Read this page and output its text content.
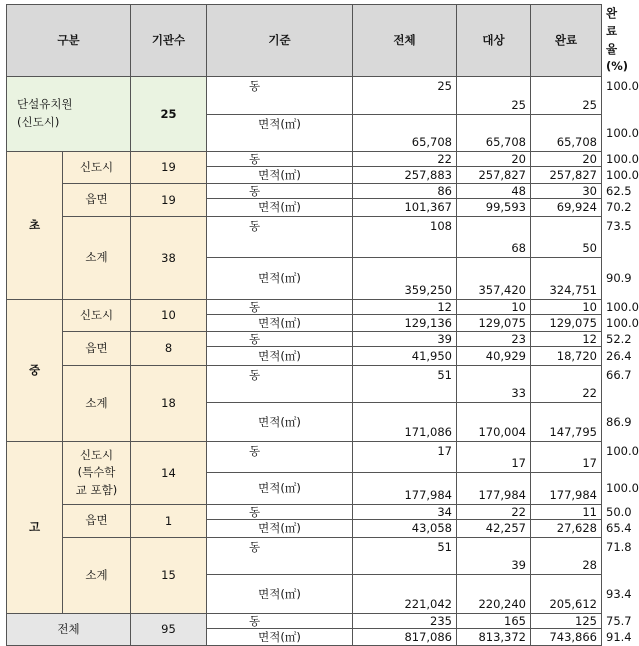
구분		기관수	기준	전체	대상	완료	완료율
(%)
단설유치원
(신도시)		25	동	25	25	25	100.0
			면적(㎡)	65,708	65,708	65,708	100.0
초	신도시	19	동	22	20	20	100.0
			면적(㎡)	257,883	257,827	257,827	100.0
	읍면	19	동	86	48	30	62.5
			면적(㎡)	101,367	99,593	69,924	70.2
	소계	38	동	108	68	50	73.5
			면적(㎡)	359,250	357,420	324,751	90.9
중	신도시	10	동	12	10	10	100.0
			면적(㎡)	129,136	129,075	129,075	100.0
	읍면	8	동	39	23	12	52.2
			면적(㎡)	41,950	40,929	18,720	26.4
	소계	18	동	51	33	22	66.7
			면적(㎡)	171,086	170,004	147,795	86.9
고	신도시
(특수학
교 포함)	14	동	17	17	17	100.0
			면적(㎡)	177,984	177,984	177,984	100.0
	읍면	1	동	34	22	11	50.0
			면적(㎡)	43,058	42,257	27,628	65.4
	소계	15	동	51	39	28	71.8
			면적(㎡)	221,042	220,240	205,612	93.4
전체		95	동	235	165	125	75.7
			면적(㎡)	817,086	813,372	743,866	91.4
